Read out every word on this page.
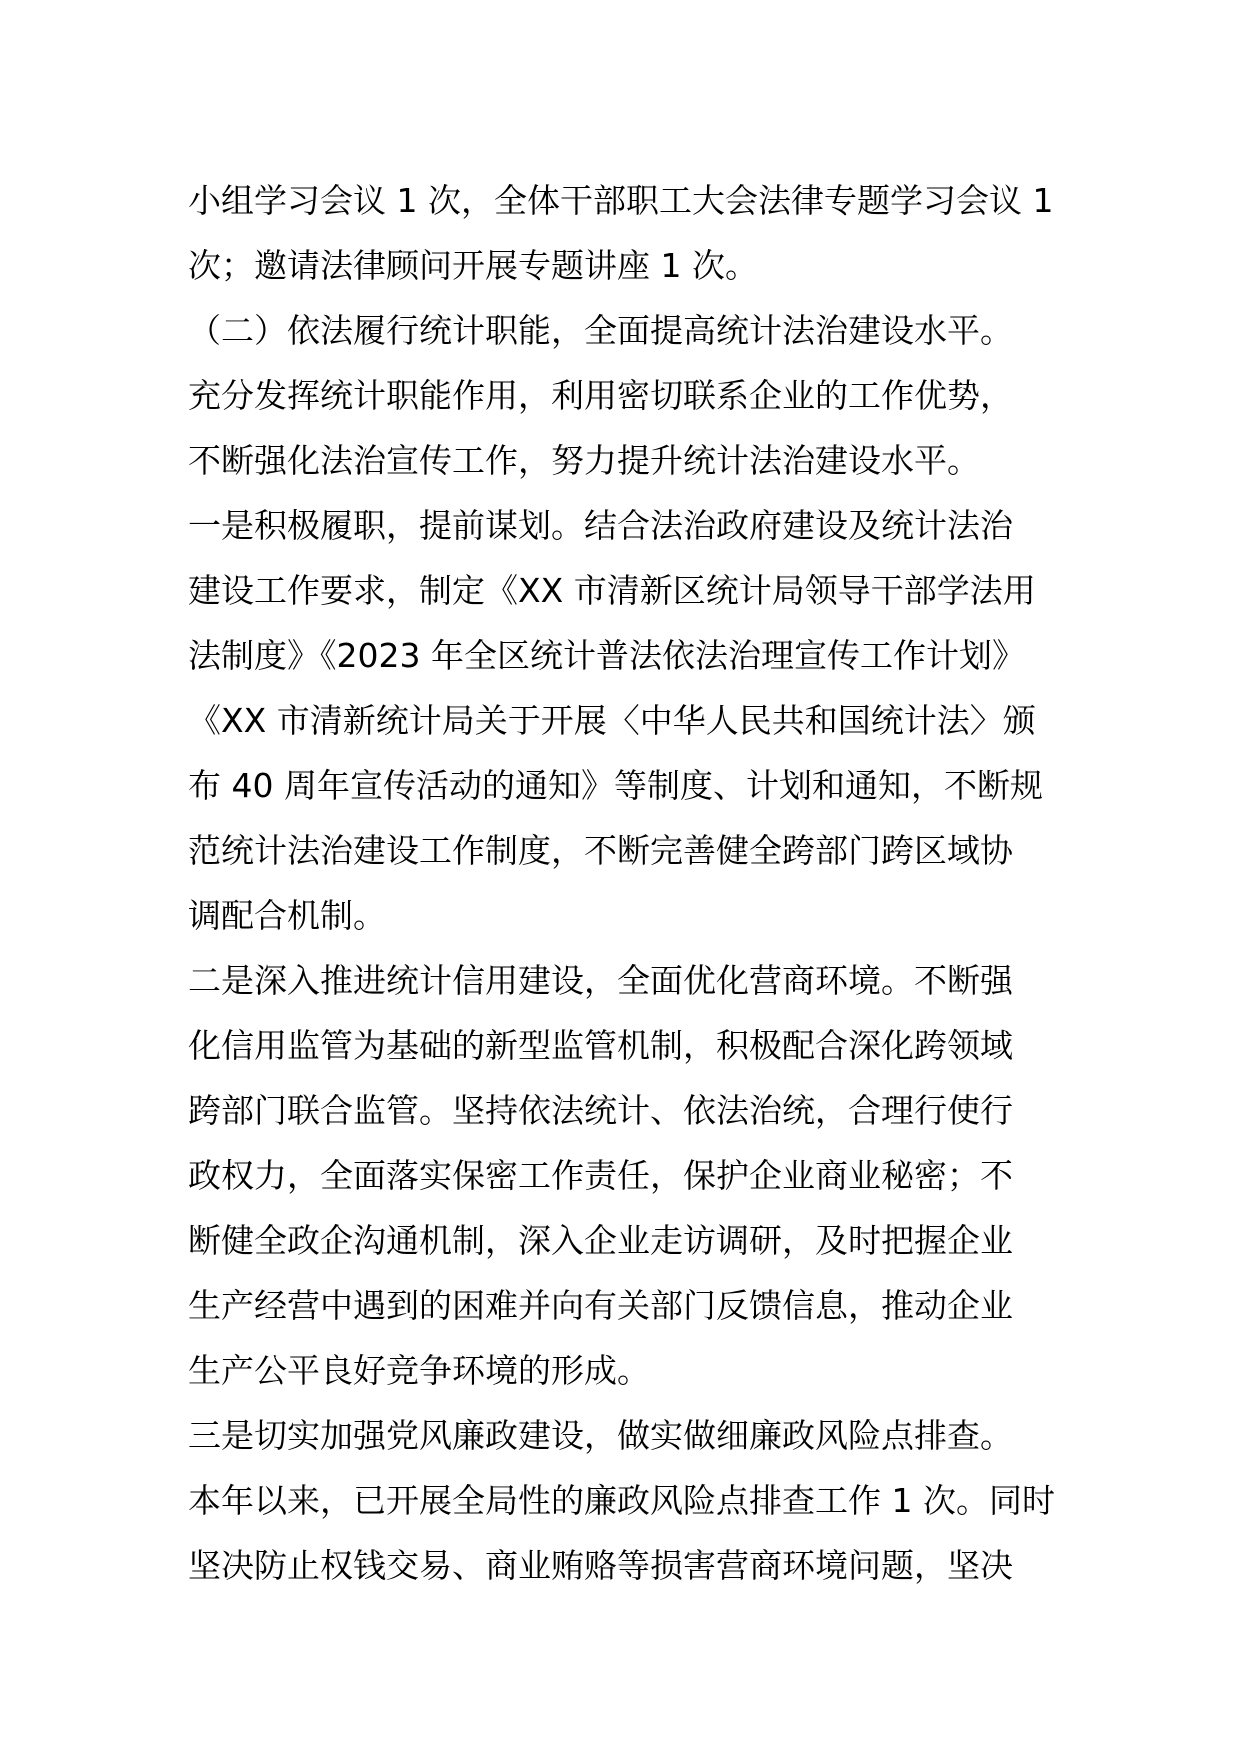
小组学习会议 1 次，全体干部职工大会法律专题学习会议 1
次；邀请法律顾问开展专题讲座 1 次。
（二）依法履行统计职能，全面提高统计法治建设水平。
充分发挥统计职能作用，利用密切联系企业的工作优势，
不断强化法治宣传工作，努力提升统计法治建设水平。
一是积极履职，提前谋划。结合法治政府建设及统计法治
建设工作要求，制定《XX 市清新区统计局领导干部学法用
法制度》《2023 年全区统计普法依法治理宣传工作计划》
《XX 市清新统计局关于开展〈中华人民共和国统计法〉颁
布 40 周年宣传活动的通知》等制度、计划和通知，不断规
范统计法治建设工作制度，不断完善健全跨部门跨区域协
调配合机制。
二是深入推进统计信用建设，全面优化营商环境。不断强
化信用监管为基础的新型监管机制，积极配合深化跨领域
跨部门联合监管。坚持依法统计、依法治统，合理行使行
政权力，全面落实保密工作责任，保护企业商业秘密；不
断健全政企沟通机制，深入企业走访调研，及时把握企业
生产经营中遇到的困难并向有关部门反馈信息，推动企业
生产公平良好竞争环境的形成。
三是切实加强党风廉政建设，做实做细廉政风险点排查。
本年以来，已开展全局性的廉政风险点排查工作 1 次。同时
坚决防止权钱交易、商业贿赂等损害营商环境问题，坚决
